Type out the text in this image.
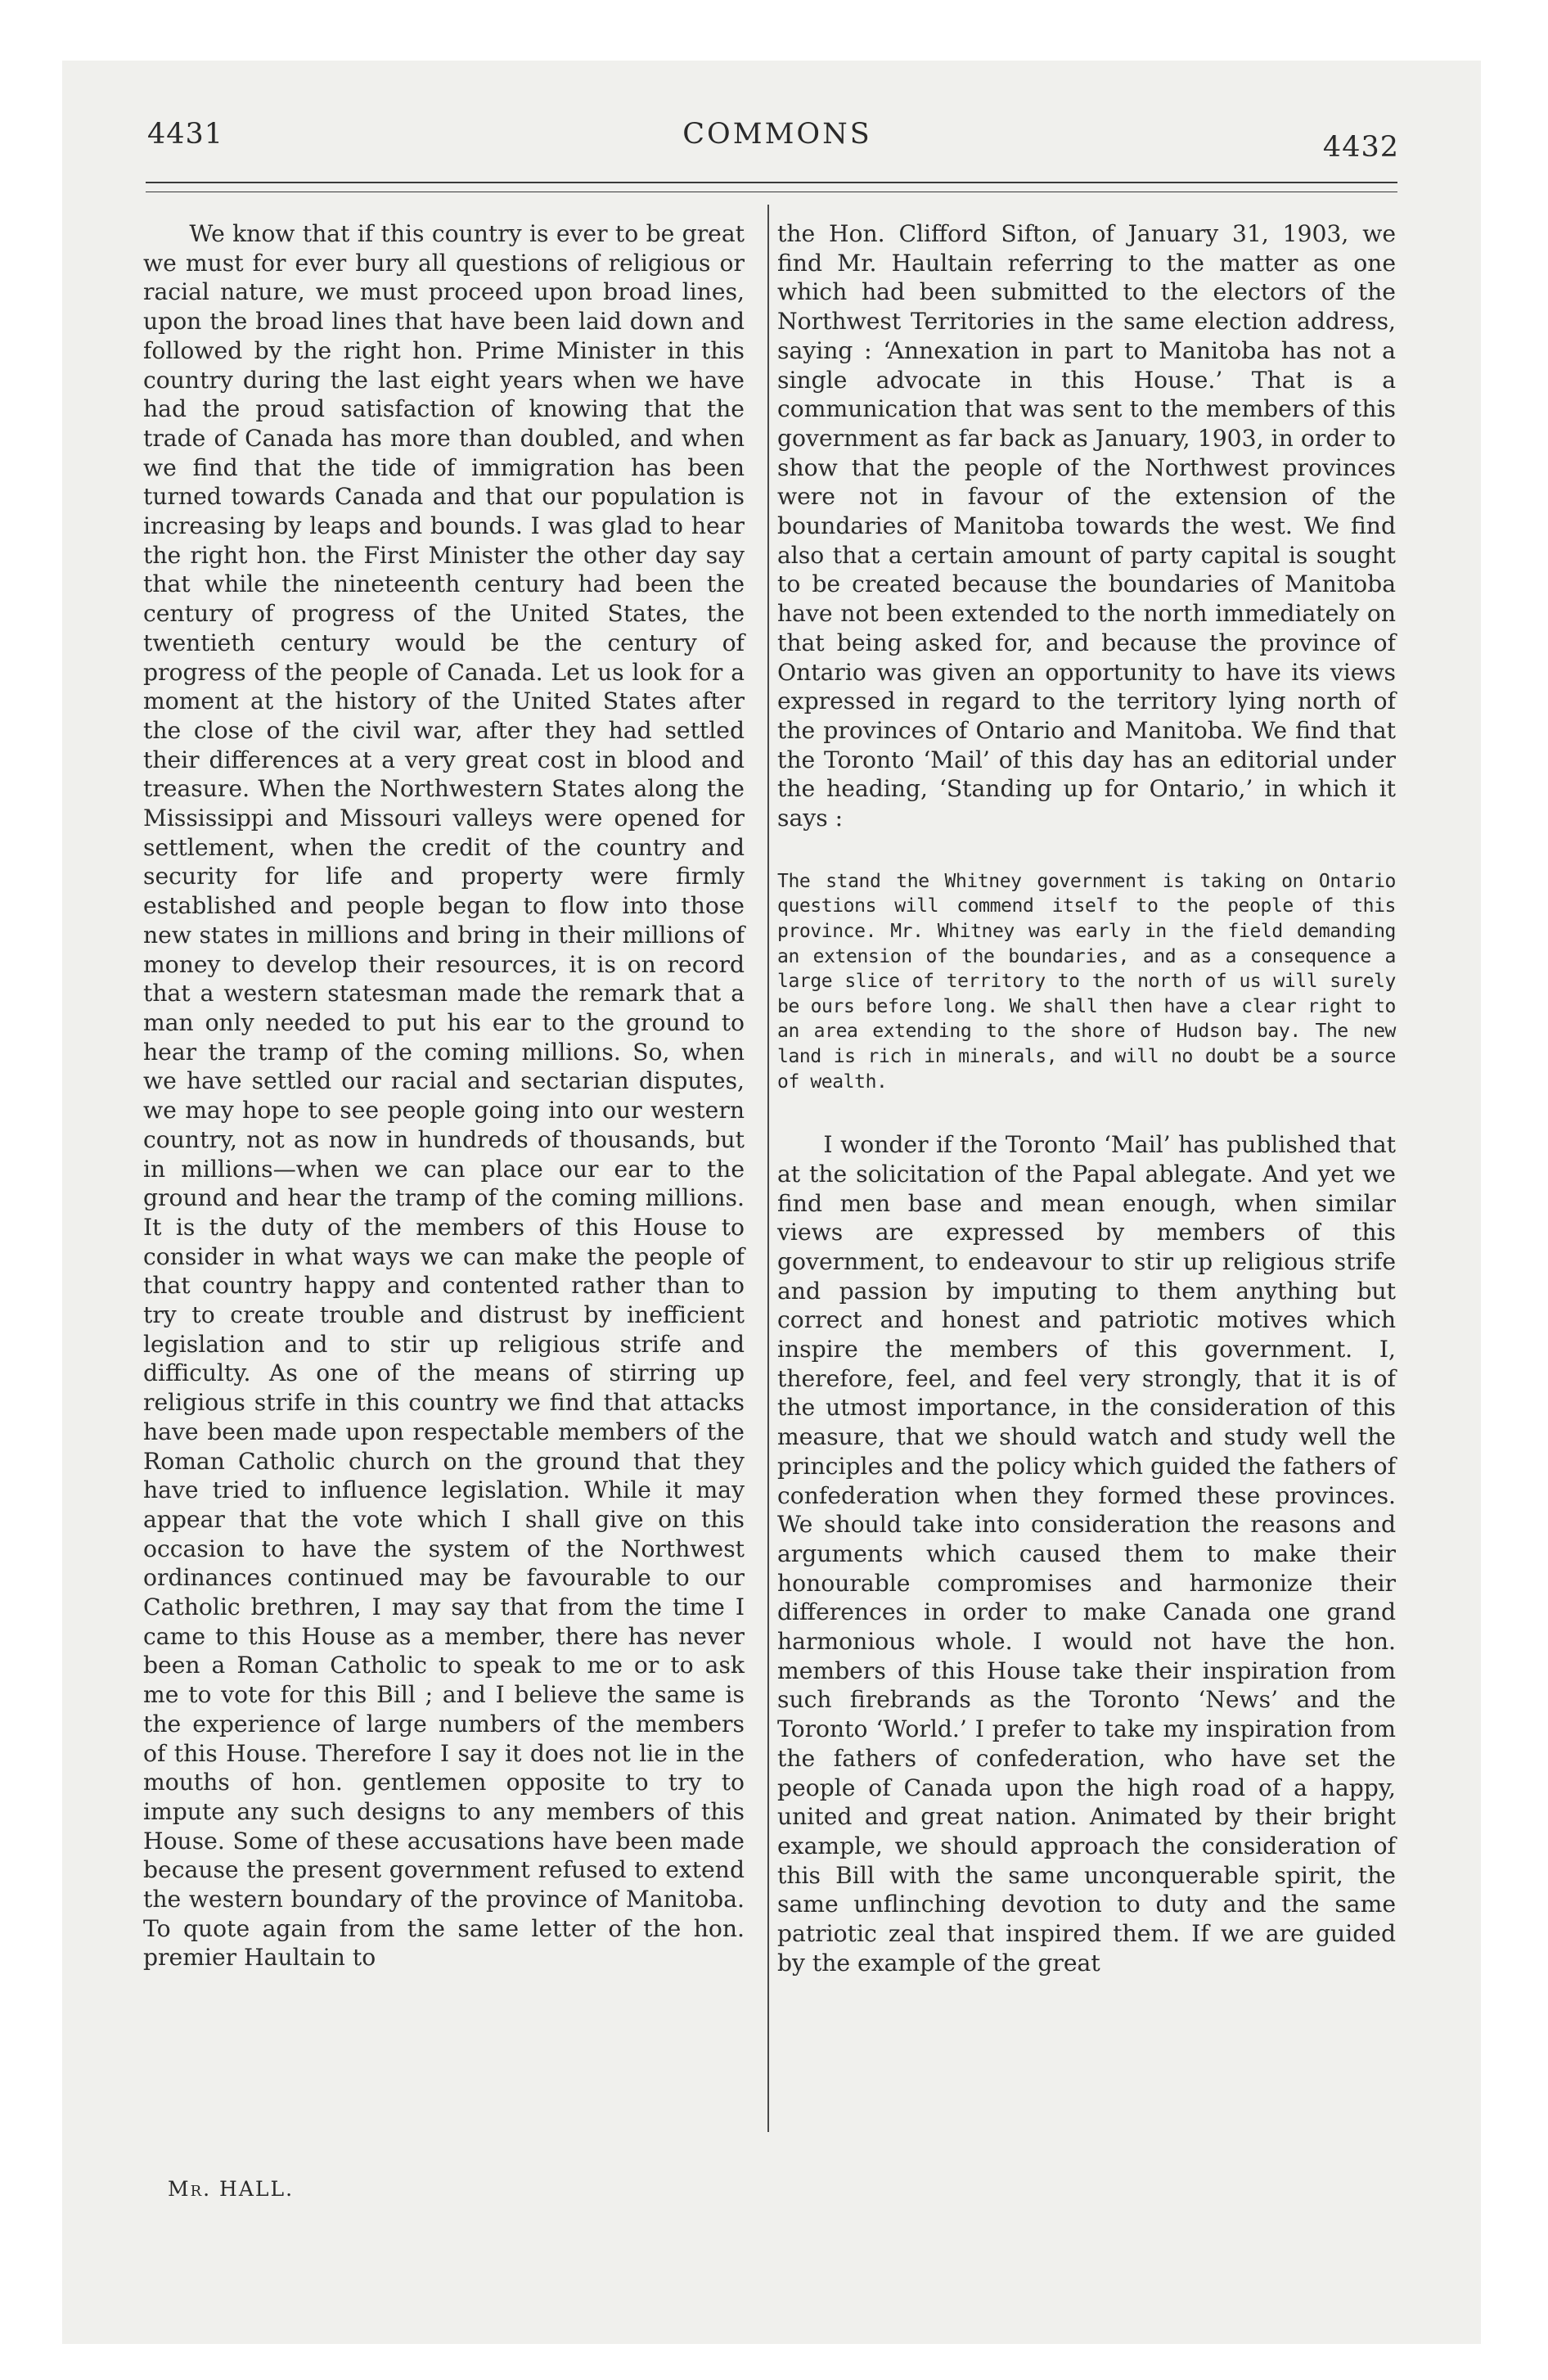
4431	COMMONS	4432

We know that if this country is ever to be great we must for ever bury all questions of religious or racial nature, we must proceed upon broad lines, upon the broad lines that have been laid down and followed by the right hon. Prime Minister in this country during the last eight years when we have had the proud satisfaction of knowing that the trade of Canada has more than doubled, and when we find that the tide of immigration has been turned towards Canada and that our population is increasing by leaps and bounds. I was glad to hear the right hon. the First Minister the other day say that while the nineteenth century had been the century of progress of the United States, the twentieth century would be the century of progress of the people of Canada. Let us look for a moment at the history of the United States after the close of the civil war, after they had settled their differences at a very great cost in blood and treasure. When the Northwestern States along the Mississippi and Missouri valleys were opened for settlement, when the credit of the country and security for life and property were firmly established and people began to flow into those new states in millions and bring in their millions of money to develop their resources, it is on record that a western statesman made the remark that a man only needed to put his ear to the ground to hear the tramp of the coming millions. So, when we have settled our racial and sectarian disputes, we may hope to see people going into our western country, not as now in hundreds of thousands, but in millions—when we can place our ear to the ground and hear the tramp of the coming millions. It is the duty of the members of this House to consider in what ways we can make the people of that country happy and contented rather than to try to create trouble and distrust by inefficient legislation and to stir up religious strife and difficulty. As one of the means of stirring up religious strife in this country we find that attacks have been made upon respectable members of the Roman Catholic church on the ground that they have tried to influence legislation. While it may appear that the vote which I shall give on this occasion to have the system of the Northwest ordinances continued may be favourable to our Catholic brethren, I may say that from the time I came to this House as a member, there has never been a Roman Catholic to speak to me or to ask me to vote for this Bill ; and I believe the same is the experience of large numbers of the members of this House. Therefore I say it does not lie in the mouths of hon. gentlemen opposite to try to impute any such designs to any members of this House. Some of these accusations have been made because the present government refused to extend the western boundary of the province of Manitoba. To quote again from the same letter of the hon. premier Haultain to

the Hon. Clifford Sifton, of January 31, 1903, we find Mr. Haultain referring to the matter as one which had been submitted to the electors of the Northwest Territories in the same election address, saying : ‘Annexation in part to Manitoba has not a single advocate in this House.’ That is a communication that was sent to the members of this government as far back as January, 1903, in order to show that the people of the Northwest provinces were not in favour of the extension of the boundaries of Manitoba towards the west. We find also that a certain amount of party capital is sought to be created because the boundaries of Manitoba have not been extended to the north immediately on that being asked for, and because the province of Ontario was given an opportunity to have its views expressed in regard to the territory lying north of the provinces of Ontario and Manitoba. We find that the Toronto ‘Mail’ of this day has an editorial under the heading, ‘Standing up for Ontario,’ in which it says :

The stand the Whitney government is taking on Ontario questions will commend itself to the people of this province. Mr. Whitney was early in the field demanding an extension of the boundaries, and as a consequence a large slice of territory to the north of us will surely be ours before long. We shall then have a clear right to an area extending to the shore of Hudson bay. The new land is rich in minerals, and will no doubt be a source of wealth.

I wonder if the Toronto ‘Mail’ has published that at the solicitation of the Papal ablegate. And yet we find men base and mean enough, when similar views are expressed by members of this government, to endeavour to stir up religious strife and passion by imputing to them anything but correct and honest and patriotic motives which inspire the members of this government. I, therefore, feel, and feel very strongly, that it is of the utmost importance, in the consideration of this measure, that we should watch and study well the principles and the policy which guided the fathers of confederation when they formed these provinces. We should take into consideration the reasons and arguments which caused them to make their honourable compromises and harmonize their differences in order to make Canada one grand harmonious whole. I would not have the hon. members of this House take their inspiration from such firebrands as the Toronto ‘News’ and the Toronto ‘World.’ I prefer to take my inspiration from the fathers of confederation, who have set the people of Canada upon the high road of a happy, united and great nation. Animated by their bright example, we should approach the consideration of this Bill with the same unconquerable spirit, the same unflinching devotion to duty and the same patriotic zeal that inspired them. If we are guided by the example of the great

Mr. HALL.
